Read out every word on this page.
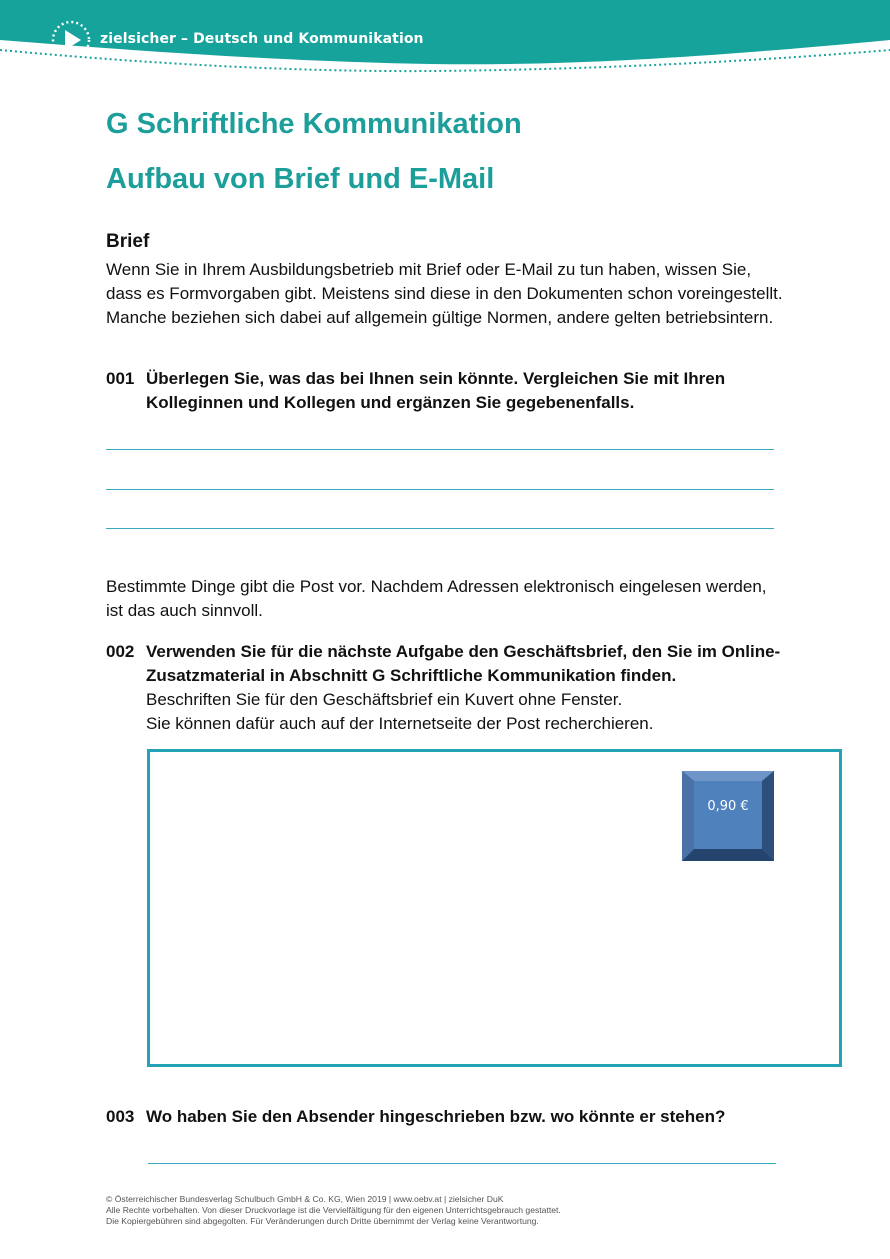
zielsicher – Deutsch und Kommunikation
G Schriftliche Kommunikation
Aufbau von Brief und E-Mail
Brief

Wenn Sie in Ihrem Ausbildungsbetrieb mit Brief oder E-Mail zu tun haben, wissen Sie, dass es Formvorgaben gibt. Meistens sind diese in den Dokumenten schon voreingestellt. Manche beziehen sich dabei auf allgemein gültige Normen, andere gelten betriebsintern.

001 Überlegen Sie, was das bei Ihnen sein könnte. Vergleichen Sie mit Ihren Kolleginnen und Kollegen und ergänzen Sie gegebenenfalls.

Bestimmte Dinge gibt die Post vor. Nachdem Adressen elektronisch eingelesen werden, ist das auch sinnvoll.

002 Verwenden Sie für die nächste Aufgabe den Geschäftsbrief, den Sie im Online-Zusatzmaterial in Abschnitt G Schriftliche Kommunikation finden.
Beschriften Sie für den Geschäftsbrief ein Kuvert ohne Fenster.
Sie können dafür auch auf der Internetseite der Post recherchieren.
0,90 €
003 Wo haben Sie den Absender hingeschrieben bzw. wo könnte er stehen?
© Österreichischer Bundesverlag Schulbuch GmbH & Co. KG, Wien 2019 | www.oebv.at | zielsicher DuK
Alle Rechte vorbehalten. Von dieser Druckvorlage ist die Vervielfältigung für den eigenen Unterrichtsgebrauch gestattet.
Die Kopiergebühren sind abgegolten. Für Veränderungen durch Dritte übernimmt der Verlag keine Verantwortung.
